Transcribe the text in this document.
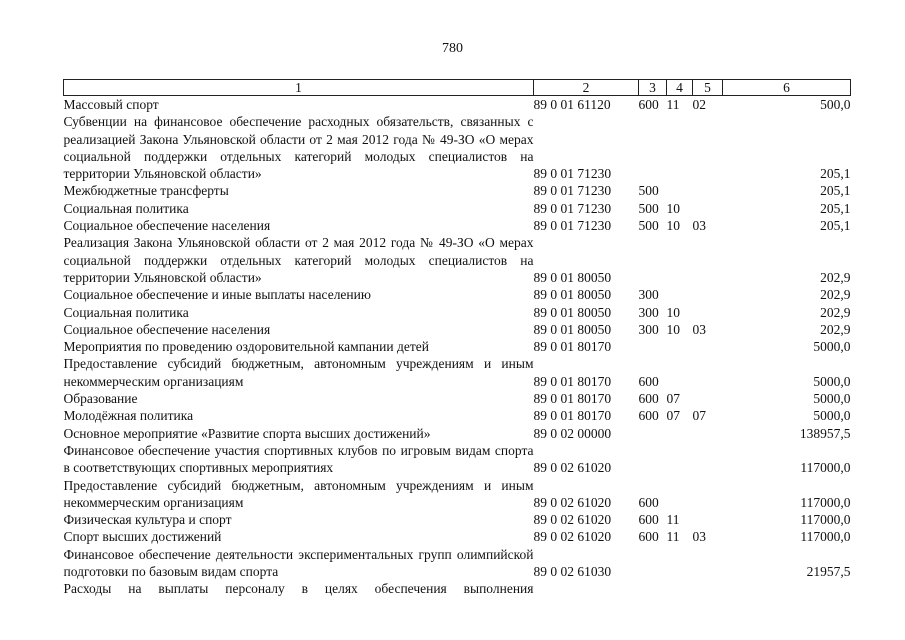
780
1	2	3	4	5	6
Массовый спорт	89 0 01 61120	600	11	02	500,0
Субвенции на финансовое обеспечение расходных обязательств, связанных с реализацией Закона Ульяновской области от 2 мая 2012 года № 49-ЗО «О мерах социальной поддержки отдельных категорий молодых специалистов на территории Ульяновской области»	89 0 01 71230				205,1
Межбюджетные трансферты	89 0 01 71230	500			205,1
Социальная политика	89 0 01 71230	500	10		205,1
Социальное обеспечение населения	89 0 01 71230	500	10	03	205,1
Реализация Закона Ульяновской области от 2 мая 2012 года № 49-ЗО «О мерах социальной поддержки отдельных категорий молодых специалистов на территории Ульяновской области»	89 0 01 80050				202,9
Социальное обеспечение и иные выплаты населению	89 0 01 80050	300			202,9
Социальная политика	89 0 01 80050	300	10		202,9
Социальное обеспечение населения	89 0 01 80050	300	10	03	202,9
Мероприятия по проведению оздоровительной кампании детей	89 0 01 80170				5000,0
Предоставление субсидий бюджетным, автономным учреждениям и иным некоммерческим организациям	89 0 01 80170	600			5000,0
Образование	89 0 01 80170	600	07		5000,0
Молодёжная политика	89 0 01 80170	600	07	07	5000,0
Основное мероприятие «Развитие спорта высших достижений»	89 0 02 00000				138957,5
Финансовое обеспечение участия спортивных клубов по игровым видам спорта в соответствующих спортивных мероприятиях	89 0 02 61020				117000,0
Предоставление субсидий бюджетным, автономным учреждениям и иным некоммерческим организациям	89 0 02 61020	600			117000,0
Физическая культура и спорт	89 0 02 61020	600	11		117000,0
Спорт высших достижений	89 0 02 61020	600	11	03	117000,0
Финансовое обеспечение деятельности экспериментальных групп олимпийской подготовки по базовым видам спорта	89 0 02 61030				21957,5
Расходы на выплаты персоналу в целях обеспечения выполнения					
